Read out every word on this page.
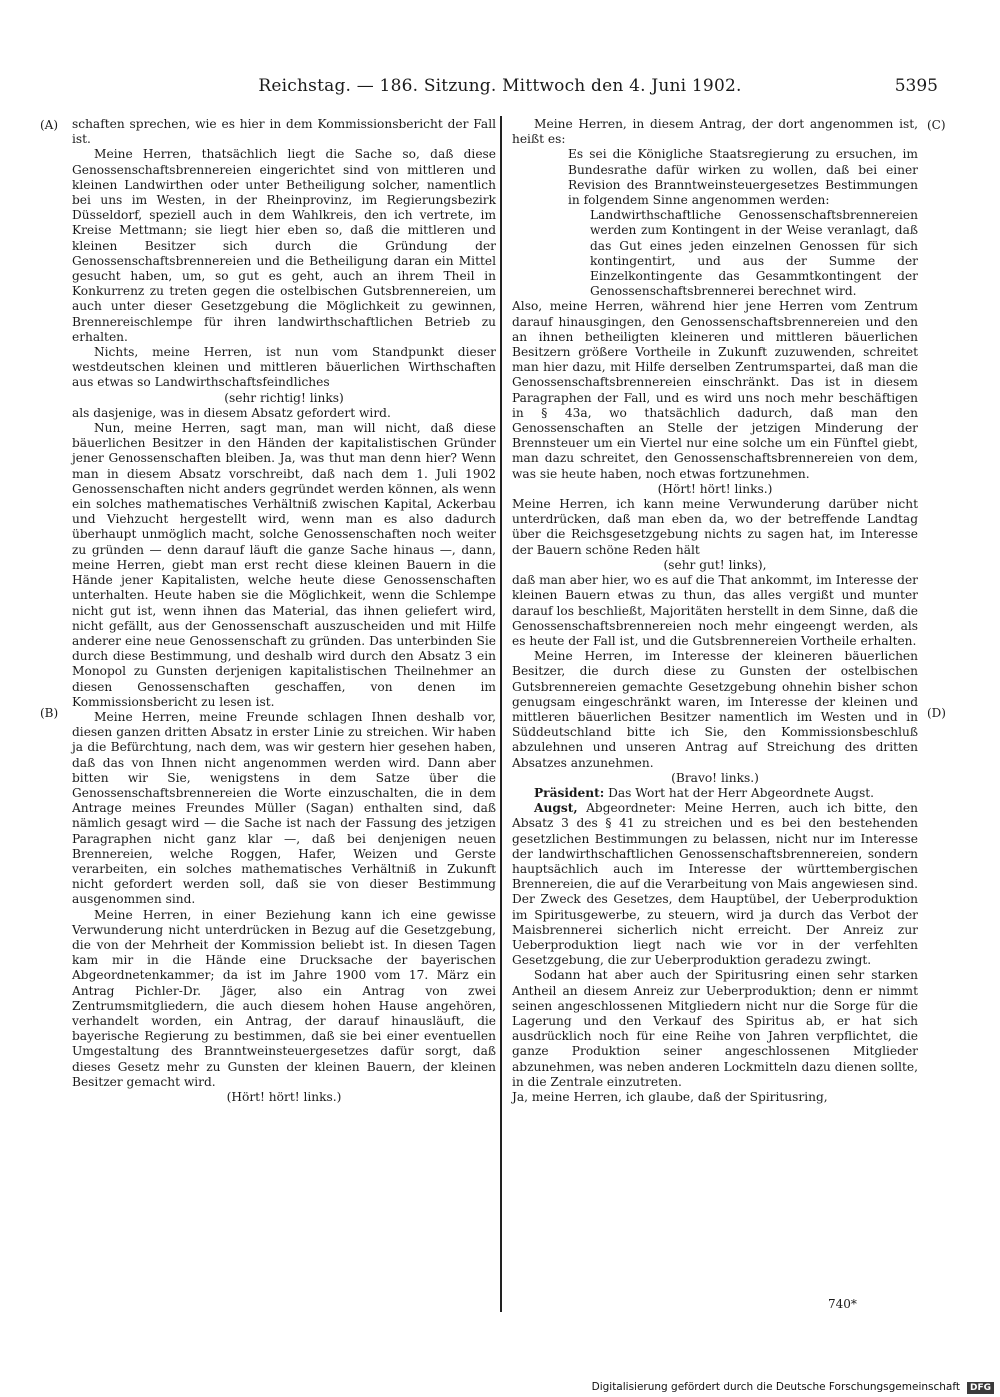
Reichstag. — 186. Sitzung. Mittwoch den 4. Juni 1902.	5395
(A)
(B)
(C)
(D)

schaften sprechen, wie es hier in dem Kommissionsbericht der Fall ist.

Meine Herren, thatsächlich liegt die Sache so, daß diese Genossenschaftsbrennereien eingerichtet sind von mittleren und kleinen Landwirthen oder unter Betheiligung solcher, namentlich bei uns im Westen, in der Rheinprovinz, im Regierungsbezirk Düsseldorf, speziell auch in dem Wahlkreis, den ich vertrete, im Kreise Mettmann; sie liegt hier eben so, daß die mittleren und kleinen Besitzer sich durch die Gründung der Genossenschaftsbrennereien und die Betheiligung daran ein Mittel gesucht haben, um, so gut es geht, auch an ihrem Theil in Konkurrenz zu treten gegen die ostelbischen Gutsbrennereien, um auch unter dieser Gesetzgebung die Möglichkeit zu gewinnen, Brennereischlempe für ihren landwirthschaftlichen Betrieb zu erhalten.

Nichts, meine Herren, ist nun vom Standpunkt dieser westdeutschen kleinen und mittleren bäuerlichen Wirthschaften aus etwas so Landwirthschaftsfeindliches

(sehr richtig! links)

als dasjenige, was in diesem Absatz gefordert wird.

Nun, meine Herren, sagt man, man will nicht, daß diese bäuerlichen Besitzer in den Händen der kapitalistischen Gründer jener Genossenschaften bleiben. Ja, was thut man denn hier? Wenn man in diesem Absatz vorschreibt, daß nach dem 1. Juli 1902 Genossenschaften nicht anders gegründet werden können, als wenn ein solches mathematisches Verhältniß zwischen Kapital, Ackerbau und Viehzucht hergestellt wird, wenn man es also dadurch überhaupt unmöglich macht, solche Genossenschaften noch weiter zu gründen — denn darauf läuft die ganze Sache hinaus —, dann, meine Herren, giebt man erst recht diese kleinen Bauern in die Hände jener Kapitalisten, welche heute diese Genossenschaften unterhalten. Heute haben sie die Möglichkeit, wenn die Schlempe nicht gut ist, wenn ihnen das Material, das ihnen geliefert wird, nicht gefällt, aus der Genossenschaft auszuscheiden und mit Hilfe anderer eine neue Genossenschaft zu gründen. Das unterbinden Sie durch diese Bestimmung, und deshalb wird durch den Absatz 3 ein Monopol zu Gunsten derjenigen kapitalistischen Theilnehmer an diesen Genossenschaften geschaffen, von denen im Kommissionsbericht zu lesen ist.

Meine Herren, meine Freunde schlagen Ihnen deshalb vor, diesen ganzen dritten Absatz in erster Linie zu streichen. Wir haben ja die Befürchtung, nach dem, was wir gestern hier gesehen haben, daß das von Ihnen nicht angenommen werden wird. Dann aber bitten wir Sie, wenigstens in dem Satze über die Genossenschaftsbrennereien die Worte einzuschalten, die in dem Antrage meines Freundes Müller (Sagan) enthalten sind, daß nämlich gesagt wird — die Sache ist nach der Fassung des jetzigen Paragraphen nicht ganz klar —, daß bei denjenigen neuen Brennereien, welche Roggen, Hafer, Weizen und Gerste verarbeiten, ein solches mathematisches Verhältniß in Zukunft nicht gefordert werden soll, daß sie von dieser Bestimmung ausgenommen sind.

Meine Herren, in einer Beziehung kann ich eine gewisse Verwunderung nicht unterdrücken in Bezug auf die Gesetzgebung, die von der Mehrheit der Kommission beliebt ist. In diesen Tagen kam mir in die Hände eine Drucksache der bayerischen Abgeordnetenkammer; da ist im Jahre 1900 vom 17. März ein Antrag Pichler-Dr. Jäger, also ein Antrag von zwei Zentrumsmitgliedern, die auch diesem hohen Hause angehören, verhandelt worden, ein Antrag, der darauf hinausläuft, die bayerische Regierung zu bestimmen, daß sie bei einer eventuellen Umgestaltung des Branntweinsteuergesetzes dafür sorgt, daß dieses Gesetz mehr zu Gunsten der kleinen Bauern, der kleinen Besitzer gemacht wird.

(Hört! hört! links.)

Meine Herren, in diesem Antrag, der dort angenommen ist, heißt es:

Es sei die Königliche Staatsregierung zu ersuchen, im Bundesrathe dafür wirken zu wollen, daß bei einer Revision des Branntweinsteuergesetzes Bestimmungen in folgendem Sinne angenommen werden:

Landwirthschaftliche Genossenschaftsbrennereien werden zum Kontingent in der Weise veranlagt, daß das Gut eines jeden einzelnen Genossen für sich kontingentirt, und aus der Summe der Einzelkontingente das Gesammtkontingent der Genossenschaftsbrennerei berechnet wird.

Also, meine Herren, während hier jene Herren vom Zentrum darauf hinausgingen, den Genossenschaftsbrennereien und den an ihnen betheiligten kleineren und mittleren bäuerlichen Besitzern größere Vortheile in Zukunft zuzuwenden, schreitet man hier dazu, mit Hilfe derselben Zentrumspartei, daß man die Genossenschaftsbrennereien einschränkt. Das ist in diesem Paragraphen der Fall, und es wird uns noch mehr beschäftigen in § 43a, wo thatsächlich dadurch, daß man den Genossenschaften an Stelle der jetzigen Minderung der Brennsteuer um ein Viertel nur eine solche um ein Fünftel giebt, man dazu schreitet, den Genossenschaftsbrennereien von dem, was sie heute haben, noch etwas fortzunehmen.

(Hört! hört! links.)

Meine Herren, ich kann meine Verwunderung darüber nicht unterdrücken, daß man eben da, wo der betreffende Landtag über die Reichsgesetzgebung nichts zu sagen hat, im Interesse der Bauern schöne Reden hält

(sehr gut! links),

daß man aber hier, wo es auf die That ankommt, im Interesse der kleinen Bauern etwas zu thun, das alles vergißt und munter darauf los beschließt, Majoritäten herstellt in dem Sinne, daß die Genossenschaftsbrennereien noch mehr eingeengt werden, als es heute der Fall ist, und die Gutsbrennereien Vortheile erhalten.

Meine Herren, im Interesse der kleineren bäuerlichen Besitzer, die durch diese zu Gunsten der ostelbischen Gutsbrennereien gemachte Gesetzgebung ohnehin bisher schon genugsam eingeschränkt waren, im Interesse der kleinen und mittleren bäuerlichen Besitzer namentlich im Westen und in Süddeutschland bitte ich Sie, den Kommissionsbeschluß abzulehnen und unseren Antrag auf Streichung des dritten Absatzes anzunehmen.

(Bravo! links.)

Präsident: Das Wort hat der Herr Abgeordnete Augst.

Augst, Abgeordneter: Meine Herren, auch ich bitte, den Absatz 3 des § 41 zu streichen und es bei den bestehenden gesetzlichen Bestimmungen zu belassen, nicht nur im Interesse der landwirthschaftlichen Genossenschaftsbrennereien, sondern hauptsächlich auch im Interesse der württembergischen Brennereien, die auf die Verarbeitung von Mais angewiesen sind. Der Zweck des Gesetzes, dem Hauptübel, der Ueberproduktion im Spiritusgewerbe, zu steuern, wird ja durch das Verbot der Maisbrennerei sicherlich nicht erreicht. Der Anreiz zur Ueberproduktion liegt nach wie vor in der verfehlten Gesetzgebung, die zur Ueberproduktion geradezu zwingt.

Sodann hat aber auch der Spiritusring einen sehr starken Antheil an diesem Anreiz zur Ueberproduktion; denn er nimmt seinen angeschlossenen Mitgliedern nicht nur die Sorge für die Lagerung und den Verkauf des Spiritus ab, er hat sich ausdrücklich noch für eine Reihe von Jahren verpflichtet, die ganze Produktion seiner angeschlossenen Mitglieder abzunehmen, was neben anderen Lockmitteln dazu dienen sollte, in die Zentrale einzutreten.

Ja, meine Herren, ich glaube, daß der Spiritusring,

740*
Digitalisierung gefördert durch die Deutsche Forschungsgemeinschaft	DFG
